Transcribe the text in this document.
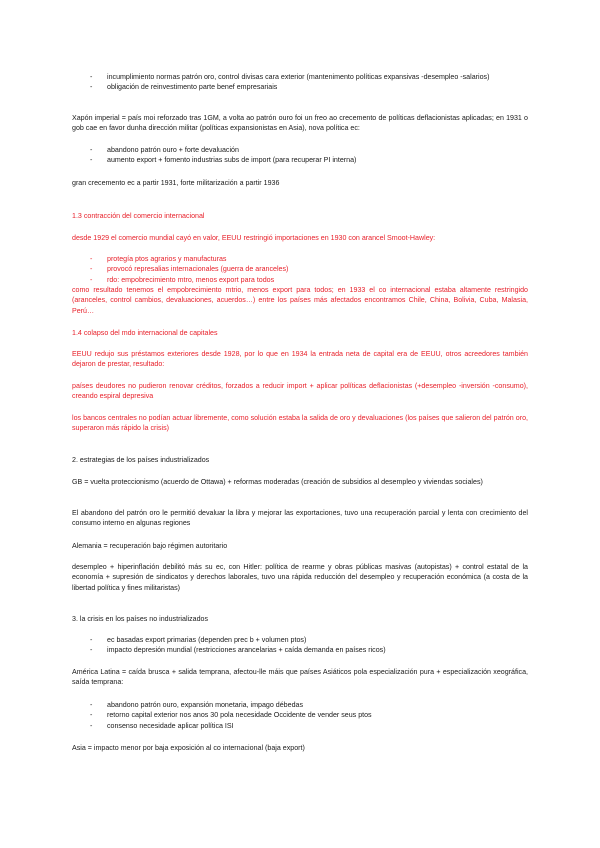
- incumplimiento normas patrón oro, control divisas cara exterior (mantenimento políticas expansivas -desempleo -salarios)
- obligación de reinvestimento parte benef empresariais

Xapón imperial = país moi reforzado tras 1GM, a volta ao patrón ouro foi un freo ao crecemento de políticas deflacionistas aplicadas; en 1931 o gob cae en favor dunha dirección militar (políticas expansionistas en Asia), nova política ec:

- abandono patrón ouro + forte devaluación
- aumento export + fomento industrias subs de import (para recuperar PI interna)

gran crecemento ec a partir 1931, forte militarización a partir 1936

1.3 contracción del comercio internacional

desde 1929 el comercio mundial cayó en valor, EEUU restringió importaciones en 1930 con arancel Smoot-Hawley:

- protegía ptos agrarios y manufacturas
- provocó represalias internacionales (guerra de aranceles)
- rdo: empobrecimiento mtro, menos export para todos

como resultado tenemos el empobrecimiento mtrio, menos export para todos; en 1933 el co internacional estaba altamente restringido (aranceles, control cambios, devaluaciones, acuerdos…) entre los países más afectados encontramos Chile, China, Bolivia, Cuba, Malasia, Perú…

1.4 colapso del mdo internacional de capitales

EEUU redujo sus préstamos exteriores desde 1928, por lo que en 1934 la entrada neta de capital era de EEUU, otros acreedores también dejaron de prestar, resultado:

países deudores no pudieron renovar créditos, forzados a reducir import + aplicar políticas deflacionistas (+desempleo -inversión -consumo), creando espiral depresiva

los bancos centrales no podían actuar libremente, como solución estaba la salida de oro y devaluaciones (los países que salieron del patrón oro, superaron más rápido la crisis)

2. estrategias de los países industrializados

GB = vuelta proteccionismo (acuerdo de Ottawa) + reformas moderadas (creación de subsidios al desempleo y viviendas sociales)

El abandono del patrón oro le permitió devaluar la libra y mejorar las exportaciones, tuvo una recuperación parcial y lenta con crecimiento del consumo interno en algunas regiones

Alemania = recuperación bajo régimen autoritario

desempleo + hiperinflación debilitó más su ec, con Hitler: política de rearme y obras públicas masivas (autopistas) + control estatal de la economía + supresión de sindicatos y derechos laborales, tuvo una rápida reducción del desempleo y recuperación económica (a costa de la libertad política y fines militaristas)

3. la crisis en los países no industrializados

- ec basadas export primarias (dependen prec b + volumen ptos)
- impacto depresión mundial (restricciones arancelarias + caída demanda en países ricos)

América Latina = caída brusca + salida temprana, afectou-lle máis que países Asiáticos pola especialización pura + especialización xeográfica, saída temprana:

- abandono patrón ouro, expansión monetaria, impago débedas
- retorno capital exterior nos anos 30 pola necesidade Occidente de vender seus ptos
- consenso necesidade aplicar política ISI

Asia = impacto menor por baja exposición al co internacional (baja export)
